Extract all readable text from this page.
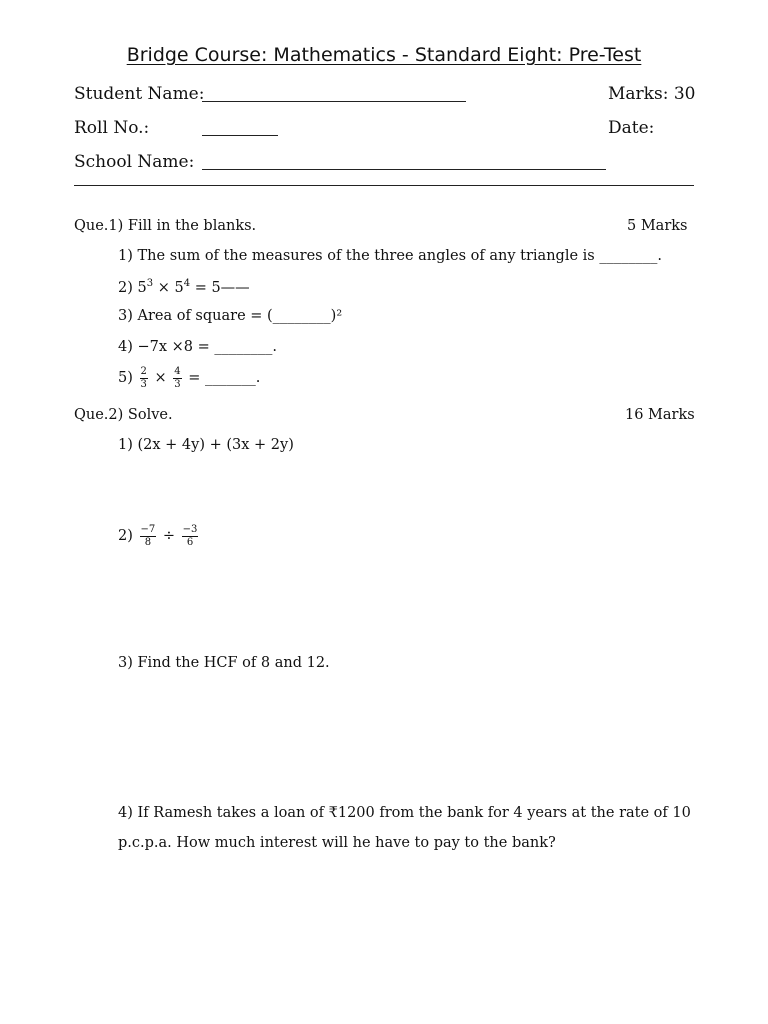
Bridge Course: Mathematics - Standard Eight: Pre-Test
Student Name:	Marks: 30
Roll No.:	Date:
School Name:
Que.1) Fill in the blanks.	5 Marks
1) The sum of the measures of the three angles of any triangle is ________.
2) $5^3 \times 5^4$ = 5——
3) Area of square = (________)²
4) −7x ×8 = ________.
$5) \frac{2}{3} \times \frac{4}{3}$ = _______.
Que.2) Solve.	16 Marks
1) (2x + 4y) + (3x + 2y)
$2) \frac{-7}{8} \div \frac{-3}{6}$
3) Find the HCF of 8 and 12.
4) If Ramesh takes a loan of ₹1200 from the bank for 4 years at the rate of 10
p.c.p.a. How much interest will he have to pay to the bank?
